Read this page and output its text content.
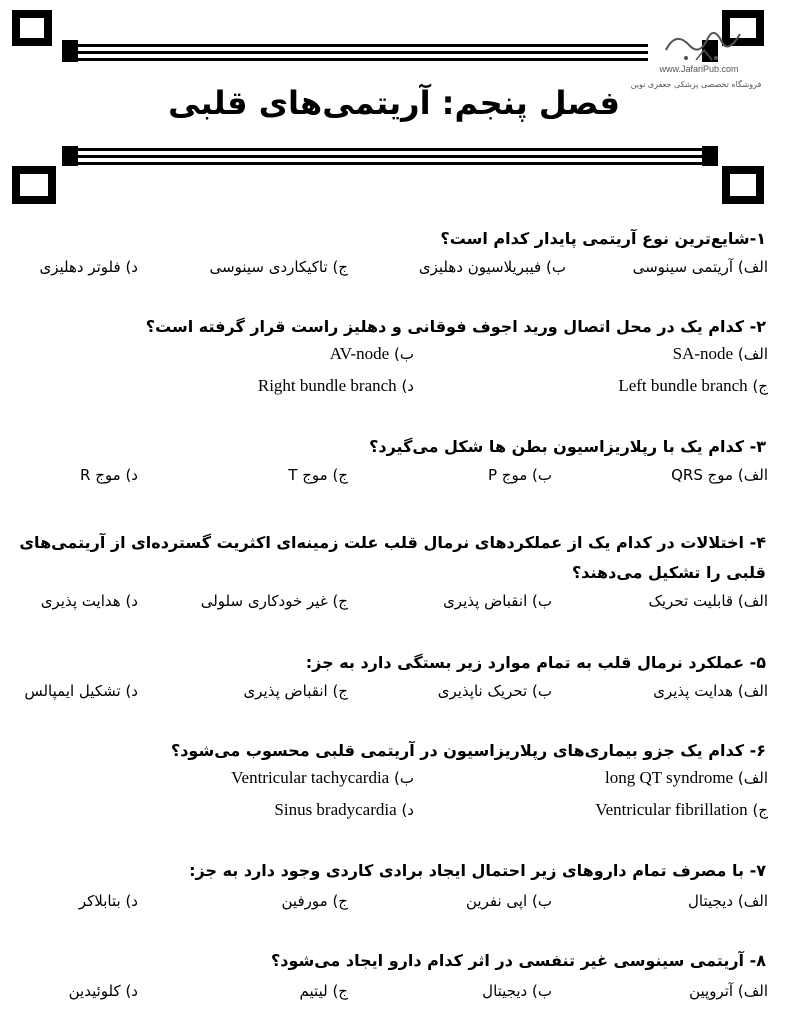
www.JafariPub.com
فروشگاه تخصصی پزشکی جعفری نوین
فصل پنجم: آریتمی‌های قلبی
۱-شایع‌ترین نوع آریتمی پایدار کدام است؟
الف) آریتمی سینوسی
ب) فیبریلاسیون دهلیزی
ج) تاکیکاردی سینوسی
د) فلوتر دهلیزی
۲- کدام یک در محل اتصال ورید اجوف فوقانی و دهلیز راست قرار گرفته است؟
الف) SA-node
ب) AV-node
ج) Left bundle branch
د) Right bundle branch
۳- کدام یک با رپلاریزاسیون بطن ها شکل می‌گیرد؟
الف) موج QRS
ب) موج P
ج) موج T
د) موج R
۴- اختلالات در کدام یک از عملکردهای نرمال قلب علت زمینه‌ای اکثریت گسترده‌ای از آریتمی‌های قلبی را تشکیل می‌دهند؟
الف) قابلیت تحریک
ب) انقباض پذیری
ج) غیر خودکاری سلولی
د) هدایت پذیری
۵- عملکرد نرمال قلب به تمام موارد زیر بستگی دارد به جز:
الف) هدایت پذیری
ب) تحریک ناپذیری
ج) انقباض پذیری
د) تشکیل ایمپالس
۶- کدام یک جزو بیماری‌های رپلاریزاسیون در آریتمی قلبی محسوب می‌شود؟
الف) long QT syndrome
ب) Ventricular tachycardia
ج) Ventricular fibrillation
د) Sinus bradycardia
۷- با مصرف تمام داروهای زیر احتمال ایجاد برادی کاردی وجود دارد به جز:
الف) دیجیتال
ب) اپی نفرین
ج) مورفین
د) بتابلاکر
۸- آریتمی سینوسی غیر تنفسی در اثر کدام دارو ایجاد می‌شود؟
الف) آتروپین
ب) دیجیتال
ج) لیتیم
د) کلوئیدین
